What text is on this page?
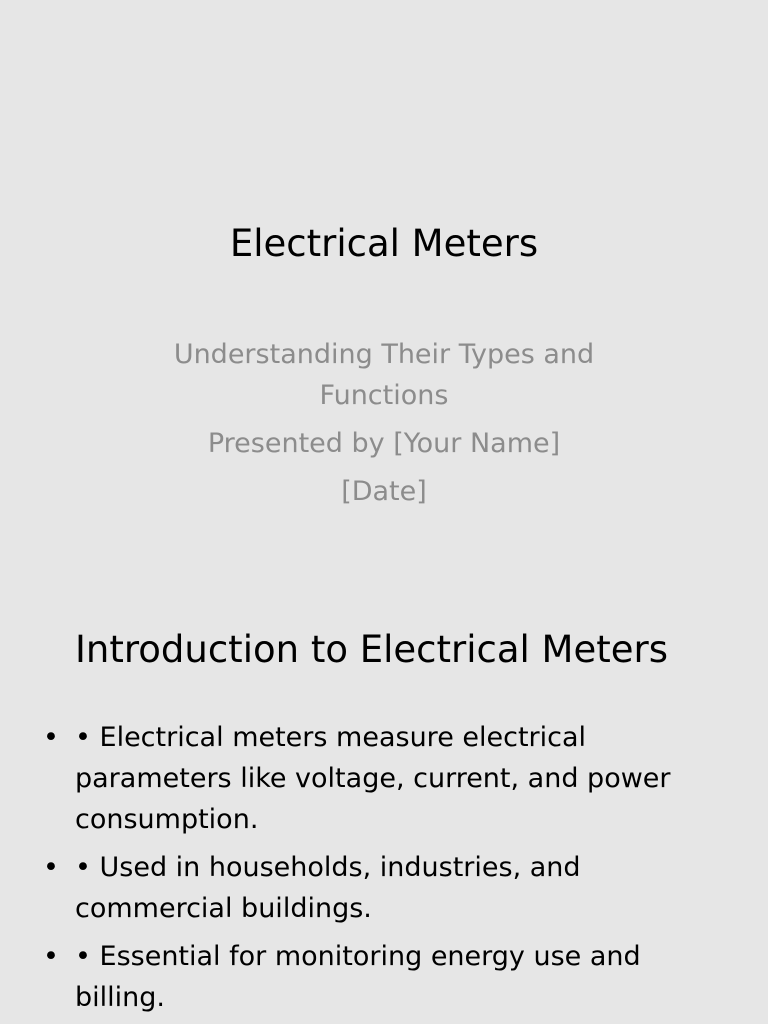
Electrical Meters
Understanding Their Types and
Functions
Presented by [Your Name]
[Date]
Introduction to Electrical Meters
• • Electrical meters measure electrical parameters like voltage, current, and power consumption.
• • Used in households, industries, and commercial buildings.
• • Essential for monitoring energy use and billing.
